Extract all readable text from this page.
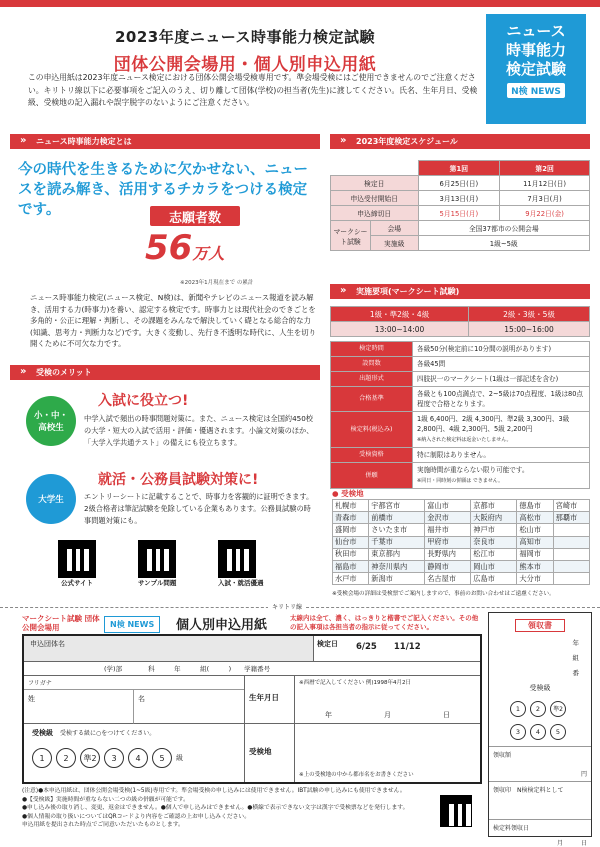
2023年度ニュース時事能力検定試験
団体公開会場用・個人別申込用紙
ニュース
時事能力
検定試験
N検 NEWS
この申込用紙は2023年度ニュース検定における団体公開会場受検専用です。準会場受検にはご使用できませんのでご注意ください。キリトリ線以下に必要事項をご記入のうえ、切り離して団体(学校)の担当者(先生)に渡してください。氏名、生年月日、受検級、受検地の記入漏れや誤字脱字のないようにご注意ください。
» ニュース時事能力検定とは
今の時代を生きるために欠かせない、ニュースを読み解き、活用するチカラをつける検定です。
志願者数
56万人
※2023年1月現在まで の累計
ニュース時事能力検定(ニュース検定、N検)は、新聞やテレビのニュース報道を読み解き、活用する力(時事力)を養い、認定する検定です。時事力とは現代社会のできごとを多角的・公正に理解・判断し、その課題をみんなで解決していく礎となる総合的な力(知識、思考力・判断力など)です。大きく変動し、先行き不透明な時代に、人生を切り開くために不可欠な力です。
» 受検のメリット
小・中・高校生
入試に役立つ!
中学入試で頻出の時事問題対策に。また、ニュース検定は全国約450校の大学・短大の入試で活用・評価・優遇されます。小論文対策のほか、「大学入学共通テスト」の備えにも役立ちます。
大学生
就活・公務員試験対策に!
エントリーシートに記載することで、時事力を客観的に証明できます。2級合格者は筆記試験を免除している企業もあります。公務員試験の時事問題対策にも。
公式サイト	サンプル問題	入試・就活優遇
» 2023年度検定スケジュール
		第1回	第2回
検定日		6月25日(日)	11月12日(日)
申込受付開始日		3月13日(月)	7月3日(月)
申込締切日		5月15日(月)	9月22日(金)
マークシート試験	会場	全国37都市の公開会場	
	実施級	1級~5級	
» 実施要項(マークシート試験)
1級・準2級・4級	2級・3級・5級
13:00~14:00	15:00~16:00
検定時間	各級50分(検定前に10分間の説明があります)
設問数	各級45問
出題形式	四肢択一のマークシート(1級は一部記述を含む)
合格基準	各級とも100点満点で、2~5級は70点程度、1級は80点程度で合格となります。
検定料(税込み)	1級 6,400円、2級 4,300円、準2級 3,300円、3級 2,800円、4級 2,300円、5級 2,200円
※納入された検定料は返金いたしません。
受検資格	特に制限はありません。
併願	実施時間が重ならない限り可能です。
※同日・同時刻の併願は できません。
● 受検地
札幌市	宇都宮市	富山市	京都市	徳島市	宮崎市
青森市	前橋市	金沢市	大阪府内	高松市	那覇市
盛岡市	さいたま市	福井市	神戸市	松山市	
仙台市	千葉市	甲府市	奈良市	高知市	
秋田市	東京都内	長野県内	松江市	福岡市	
福島市	神奈川県内	静岡市	岡山市	熊本市	
水戸市	新潟市	名古屋市	広島市	大分市	
※受検会場の詳細は受検票でご案内しますので、事前のお問い合わせはご遠慮ください。
キリトリ線
マークシート試験 団体公開会場用	N検 NEWS	個人別申込用紙	太線内は全て、濃く、はっきりと楷書でご記入ください。その他の記入事項は各担当者の指示に従ってください。
申込団体名	検定日	6/25　　 11/12
(学)部　　　　科　　　年　　　組(　　　)　　学籍番号
フリガナ
姓	名	生年月日
※西暦で記入してください 例)1998年4月2日
年	月	日
受検級　 受検する級に○をつけてください。
1	2	準2	3	4	5	級
受検地
※上の受検地の中から都市名をお書きください
(注意)●本申込用紙は、団体公開会場受検(1~5級)専用です。準会場受検の申し込みには使用できません。IBT試験の申し込みにも使用できません。
●【受検級】実施時間が重ならない二つの級の併願が可能です。
●申し込み後の取り消し、変更、返金はできません。●個人で申し込みはできません。●横線で表示できない文字は漢字で受検票などを発行します。
●個人情報の取り扱いについてはQRコードより内容をご確認の上お申し込みください。
申込用紙を提出された時点でご同意いただいたものとします。
領収書
年
組
番
受検級
1 2 準2
3 4 5
領収額
円
領収印　 N検検定料として
検定料領収日
月　　　	日
